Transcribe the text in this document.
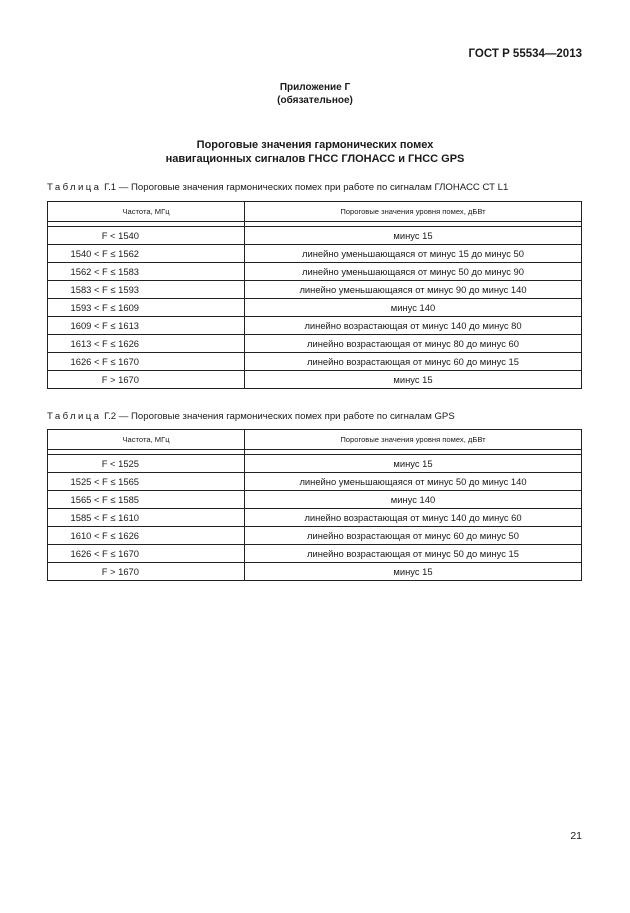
ГОСТ Р 55534—2013
Приложение Г
(обязательное)
Пороговые значения гармонических помех
навигационных сигналов ГНСС ГЛОНАСС и ГНСС GPS
Таблица Г.1 — Пороговые значения гармонических помех при работе по сигналам ГЛОНАСС СТ L1
Частота, МГц	Пороговые значения уровня помех, дБВт

F < 1540	минус 15
1540 < F ≤ 1562	линейно уменьшающаяся от минус 15 до минус 50
1562 < F ≤ 1583	линейно уменьшающаяся от минус 50 до минус 90
1583 < F ≤ 1593	линейно уменьшающаяся от минус 90 до минус 140
1593 < F ≤ 1609	минус 140
1609 < F ≤ 1613	линейно возрастающая от минус 140 до минус 80
1613 < F ≤ 1626	линейно возрастающая от минус 80 до минус 60
1626 < F ≤ 1670	линейно возрастающая от минус 60 до минус 15
F > 1670	минус 15
Таблица Г.2 — Пороговые значения гармонических помех при работе по сигналам GPS
Частота, МГц	Пороговые значения уровня помех, дБВт

F < 1525	минус 15
1525 < F ≤ 1565	линейно уменьшающаяся от минус 50 до минус 140
1565 < F ≤ 1585	минус 140
1585 < F ≤ 1610	линейно возрастающая от минус 140 до минус 60
1610 < F ≤ 1626	линейно возрастающая от минус 60 до минус 50
1626 < F ≤ 1670	линейно возрастающая от минус 50 до минус 15
F > 1670	минус 15
21
